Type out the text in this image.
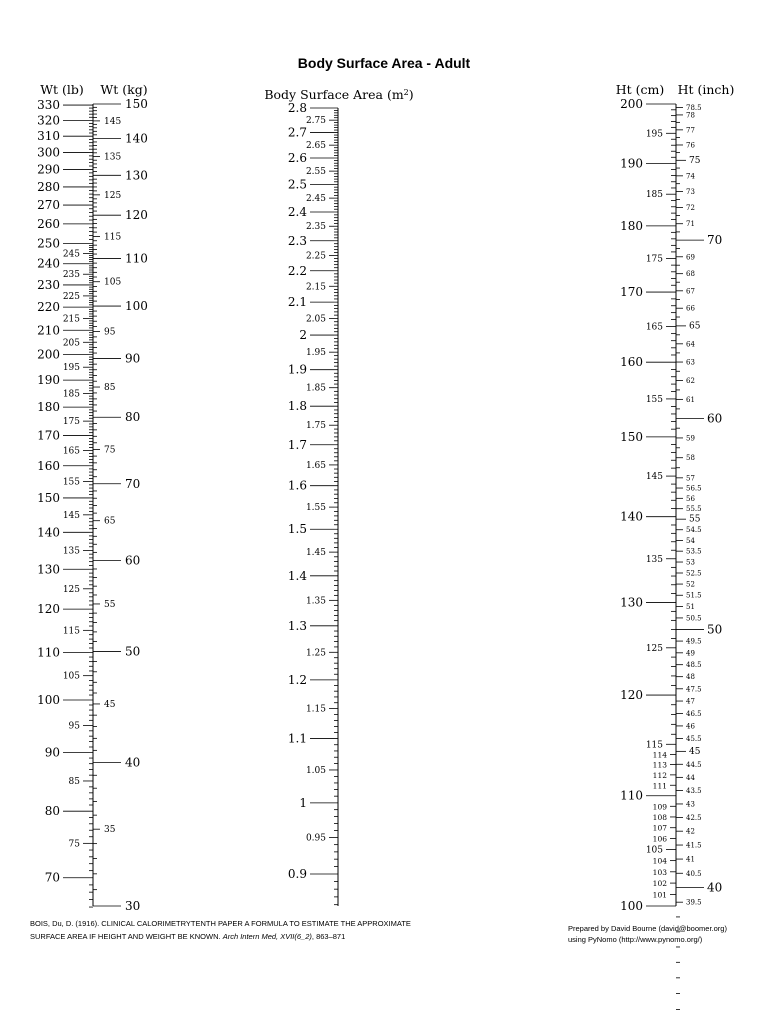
Body Surface Area - Adult
Wt (lb) Wt (kg)	Body Surface Area $(m^2)$	Ht (cm) Ht (inch)
70
75
80
85
90
95
100
105
110
115
120
125
130
135
140
145
150
155
160
165
170
175
180
185
190
195
200
205
210
215
220
225
230
235
240
245
250
260
270
280
290
300
310
320
330
30
35
40
45
50
55
60
65
70
75
80
85
90
95
100
105
110
115
120
125
130
135
140
145
150
0.9
0.95
1
1.05
1.1
1.15
1.2
1.25
1.3
1.35
1.4
1.45
1.5
1.55
1.6
1.65
1.7
1.75
1.8
1.85
1.9
1.95
2
2.05
2.1
2.15
2.2
2.25
2.3
2.35
2.4
2.45
2.5
2.55
2.6
2.65
2.7
2.75
2.8
100
101
102
103
104
105
106
107
108
109
110
111
112
113
114
115
120
125
130
135
140
145
150
155
160
165
170
175
180
185
190
195
200
39.5
40
40.5
41
41.5
42
42.5
43
43.5
44
44.5
45
45.5
46
46.5
47
47.5
48
48.5
49
49.5
50
50.5
51
51.5
52
52.5
53
53.5
54
54.5
55
55.5
56
56.5
57
58
59
60
61
62
63
64
65
66
67
68
69
70
71
72
73
74
75
76
77
78
78.5
BOIS, Du, D. (1916). CLINICAL CALORIMETRYTENTH PAPER A FORMULA TO ESTIMATE THE APPROXIMATE
SURFACE AREA IF HEIGHT AND WEIGHT BE KNOWN. Arch Intern Med, XVII(6_2), 863–871
Prepared by David Bourne (david@boomer.org)
using PyNomo (http://www.pynomo.org/)
